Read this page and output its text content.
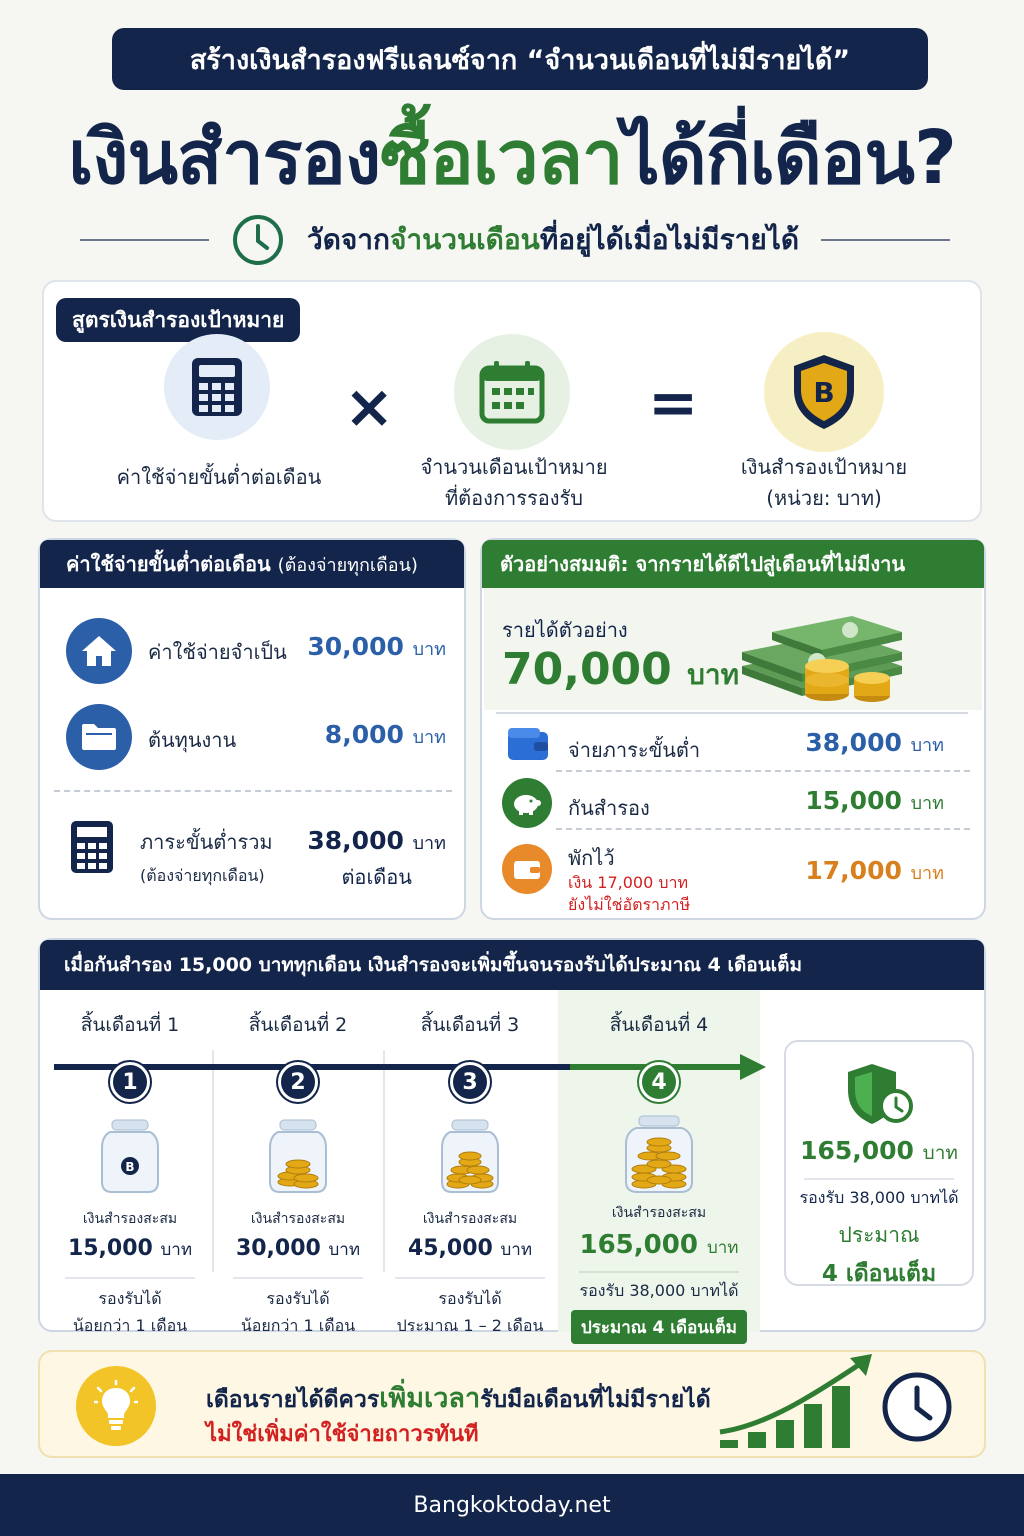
สร้างเงินสำรองฟรีแลนซ์จาก “จำนวนเดือนที่ไม่มีรายได้”
เงินสำรองซื้อเวลาได้กี่เดือน?
วัดจากจำนวนเดือนที่อยู่ได้เมื่อไม่มีรายได้
สูตรเงินสำรองเป้าหมาย
ค่าใช้จ่ายขั้นต่ำต่อเดือน
×
จำนวนเดือนเป้าหมาย
ที่ต้องการรองรับ
=	B
เงินสำรองเป้าหมาย
(หน่วย: บาท)
ค่าใช้จ่ายขั้นต่ำต่อเดือน
(ต้องจ่ายทุกเดือน)
ค่าใช้จ่ายจำเป็น 30,000 บาท
ต้นทุนงาน	8,000 บาท
ภาระขั้นต่ำรวม
(ต้องจ่ายทุกเดือน)
38,000 บาท
ต่อเดือน
ตัวอย่างสมมติ: จากรายได้ดีไปสู่เดือนที่ไม่มีงาน
รายได้ตัวอย่าง
70,000 บาท
จ่ายภาระขั้นต่ำ	38,000 บาท
กันสำรอง	15,000 บาท
พักไว้
เงิน 17,000 บาท
ยังไม่ใช่อัตราภาษี
17,000 บาท
เมื่อกันสำรอง 15,000 บาททุกเดือน เงินสำรองจะเพิ่มขึ้นจนรองรับได้ประมาณ 4 เดือนเต็ม
สิ้นเดือนที่ 1
1
B
เงินสำรองสะสม
15,000 บาท
รองรับได้
น้อยกว่า 1 เดือน
สิ้นเดือนที่ 2
2
เงินสำรองสะสม
30,000 บาท
รองรับได้
น้อยกว่า 1 เดือน
สิ้นเดือนที่ 3
3
เงินสำรองสะสม
45,000 บาท
รองรับได้
ประมาณ 1 – 2 เดือน
สิ้นเดือนที่ 4
4
เงินสำรองสะสม
165,000 บาท
รองรับ 38,000 บาทได้
ประมาณ 4 เดือนเต็ม
165,000 บาท
รองรับ 38,000 บาทได้
ประมาณ
4 เดือนเต็ม
เดือนรายได้ดีควรเพิ่มเวลารับมือเดือนที่ไม่มีรายได้
ไม่ใช่เพิ่มค่าใช้จ่ายถาวรทันที
Bangkoktoday.net
